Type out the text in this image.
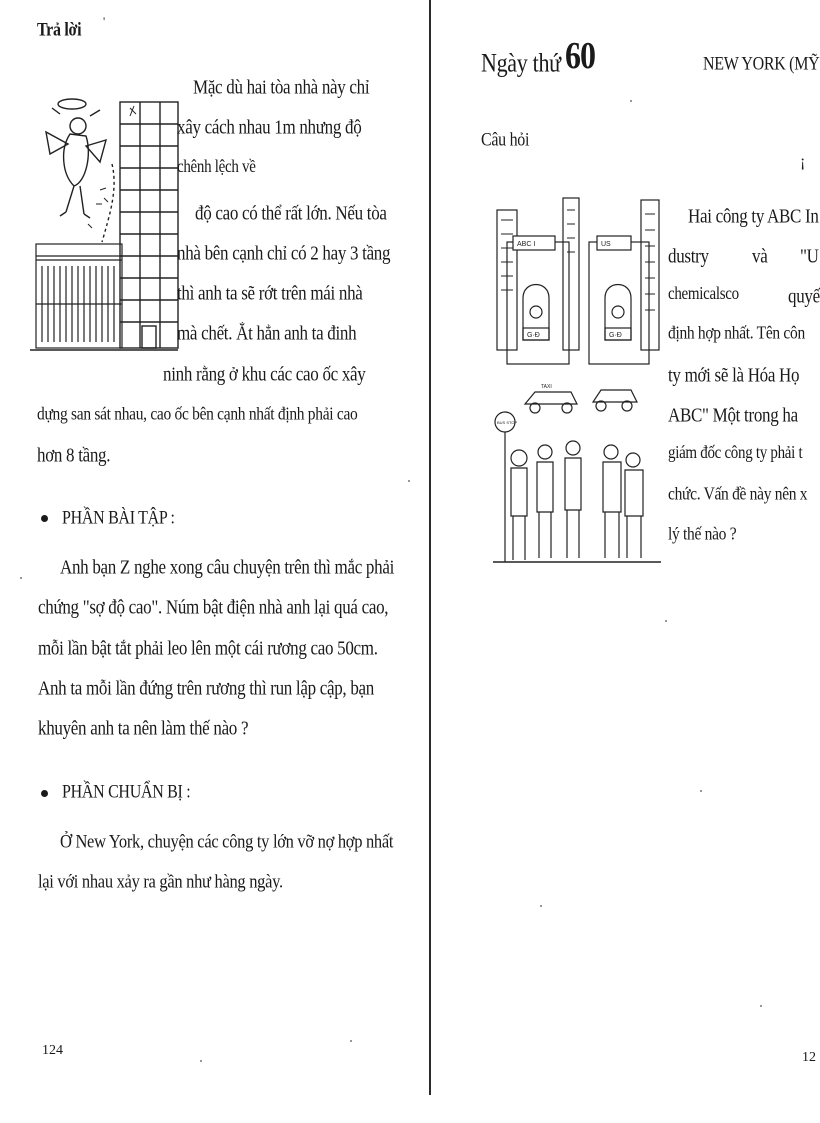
Trả lời '
Mặc dù hai tòa nhà này chỉ
xây cách nhau 1m nhưng độ
chênh lệch về
độ cao có thể rất lớn. Nếu tòa
nhà bên cạnh chỉ có 2 hay 3 tầng
thì anh ta sẽ rớt trên mái nhà
mà chết. Ắt hẳn anh ta đinh
ninh rằng ở khu các cao ốc xây
dựng san sát nhau, cao ốc bên cạnh nhất định phải cao
hơn 8 tầng.
PHẦN BÀI TẬP :
Anh bạn Z nghe xong câu chuyện trên thì mắc phải
chứng "sợ độ cao". Núm bật điện nhà anh lại quá cao,
mỗi lần bật tắt phải leo lên một cái rương cao 50cm.
Anh ta mỗi lần đứng trên rương thì run lập cập, bạn
khuyên anh ta nên làm thế nào ?
PHẦN CHUẨN BỊ :
Ở New York, chuyện các công ty lớn vỡ nợ hợp nhất
lại với nhau xảy ra gần như hàng ngày.
124
Ngày thứ 60	NEW YORK (MỸ
Câu hỏi
¡
ABC I	US
G·Đ	G·Đ
TAXI
BUS STOP
Hai công ty ABC In
dustry	và "U
chemicalsco	quyế
định hợp nhất. Tên côn
ty mới sẽ là Hóa Họ
ABC" Một trong ha
giám đốc công ty phải t
chức. Vấn đề này nên x
lý thế nào ?
12
